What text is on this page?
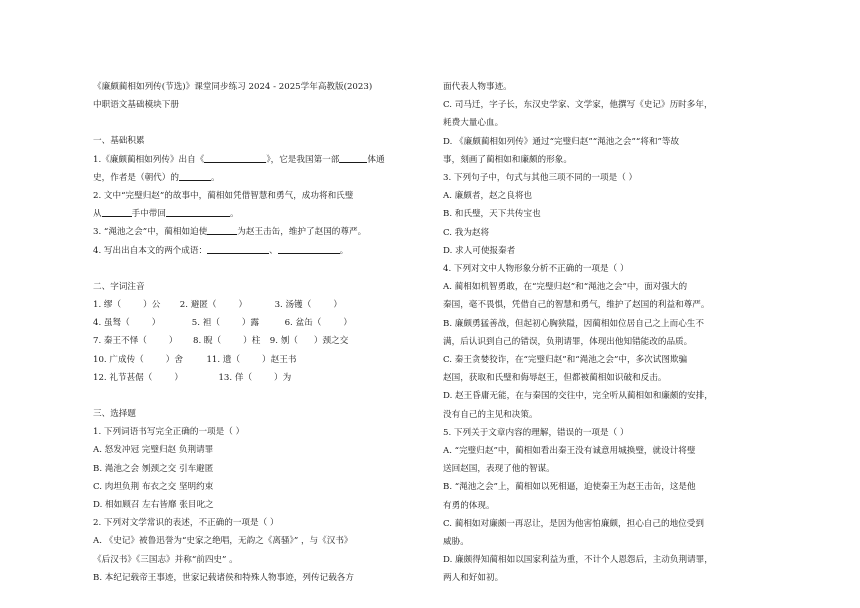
《廉颇蔺相如列传(节选)》课堂同步练习 2024 - 2025学年高教版(2023)
中职语文基础模块下册
一、基础积累
1.《廉颇蔺相如列传》出自《	》，它是我国第一部	体通
史，作者是（朝代）的	。
2. 文中“完璧归赵”的故事中，蔺相如凭借智慧和勇气，成功将和氏璧
从	手中带回	。
3. “渑池之会”中，蔺相如迫使	为赵王击缶，维护了赵国的尊严。
4. 写出出自本文的两个成语：	、	。
二、字词注音
1. 缪（	）公 2. 避匿（	）	3. 汤镬（	）
4. 虽驽（	）	5. 袒（	）露	6. 盆缶（	）
7. 秦王不怿（	） 8. 睨（	）柱 9. 刎（ ）颈之交
10. 广成传（	）舍	11. 遗（	）赵王书
12. 礼节甚倨（	）	13. 佯（	）为
三、选择题
1. 下列词语书写完全正确的一项是（ ）
A. 怒发冲冠 完璧归赵 负荆请罪
B. 渑池之会 刎颈之交 引车避匿
C. 肉坦负荆 布衣之交 坚明约束
D. 相如顾召 左右皆靡 张目叱之
2. 下列对文学常识的表述，不正确的一项是（ ）
A. 《史记》被鲁迅誉为“史家之绝唱，无韵之《离骚》” ，与《汉书》
《后汉书》《三国志》并称“前四史” 。
B. 本纪记载帝王事迹，世家记载诸侯和特殊人物事迹，列传记载各方
面代表人物事迹。
C. 司马迁，字子长，东汉史学家、文学家，他撰写《史记》历时多年，
耗费大量心血。
D. 《廉颇蔺相如列传》通过“完璧归赵”“渑池之会”“将和”等故
事，刻画了蔺相如和廉颇的形象。
3. 下列句子中，句式与其他三项不同的一项是（ ）
A. 廉颇者，赵之良将也
B. 和氏璧，天下共传宝也
C. 我为赵将
D. 求人可使报秦者
4. 下列对文中人物形象分析不正确的一项是（ ）
A. 蔺相如机智勇敢，在“完璧归赵”和“渑池之会”中，面对强大的
秦国，毫不畏惧，凭借自己的智慧和勇气，维护了赵国的利益和尊严。
B. 廉颇勇猛善战，但起初心胸狭隘，因蔺相如位居自己之上而心生不
满，后认识到自己的错误，负荆请罪，体现出他知错能改的品质。
C. 秦王贪婪狡诈，在“完璧归赵”和“渑池之会”中，多次试图欺骗
赵国，获取和氏璧和侮辱赵王，但都被蔺相如识破和反击。
D. 赵王昏庸无能，在与秦国的交往中，完全听从蔺相如和廉颇的安排，
没有自己的主见和决策。
5. 下列关于文章内容的理解，错误的一项是（ ）
A. “完璧归赵”中，蔺相如看出秦王没有诚意用城换璧，就设计将璧
送回赵国，表现了他的智谋。
B. “渑池之会”上，蔺相如以死相逼，迫使秦王为赵王击缶，这是他
有勇的体现。
C. 蔺相如对廉颇一再忍让，是因为他害怕廉颇，担心自己的地位受到
威胁。
D. 廉颇得知蔺相如以国家利益为重，不计个人恩怨后，主动负荆请罪，
两人和好如初。
